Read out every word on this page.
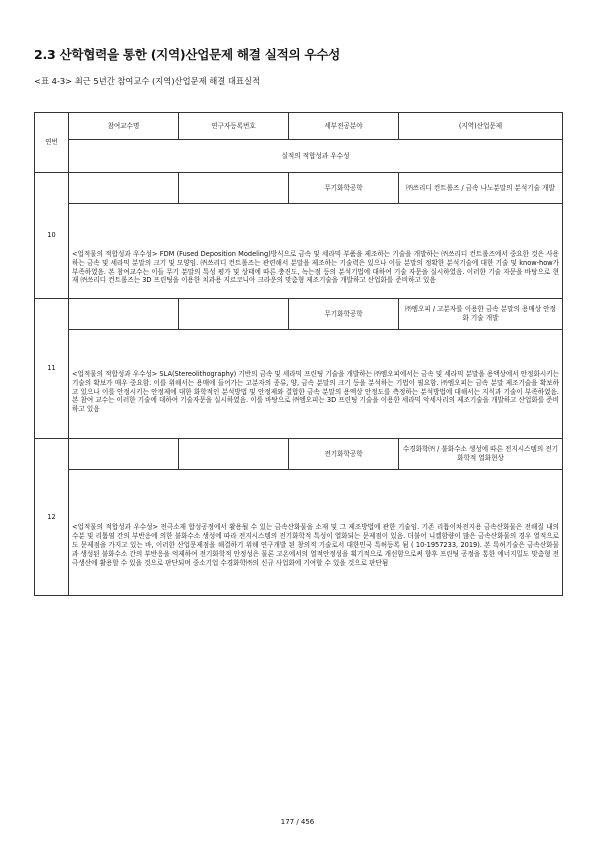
2.3 산학협력을 통한 (지역)산업문제 해결 실적의 우수성
<표 4-3> 최근 5년간 참여교수 (지역)산업문제 해결 대표실적
연번	참여교수명	연구자등록번호	세부전공분야	(지역)산업문제
	실적의 적합성과 우수성			
10			무기화학공학	㈜쓰리디 컨트롤즈 / 금속 나노분말의 분석기술 개발

	<업적물의 적합성과 우수성> FDM (Fused Deposition Modeling)방식으로 금속 및 세라믹 부품을 제조하는 기술을 개발하는 ㈜쓰리디 컨트롤즈에서 중요한 것은 사용하는 금속 및 세라믹 분말의 크기 및 모양임. ㈜쓰리디 컨트롤즈는 관련해서 분말을 제조하는 기술력은 있으나 이들 분말의 정확한 분석기술에 대한 기술 및 know-how가 부족하였음. 본 참여교수는 이들 무기 분말의 특성 평가 및 상태에 따른 충진도, 녹는점 등의 분석기법에 대하여 기술 자문을 실시하였음. 이러한 기술 자문을 바탕으로 현재 ㈜쓰리디 컨트롤즈는 3D 프린팅을 이용한 치과용 지르코니아 크라운의 맞춤형 제조기술을 개발하고 산업화를 준비하고 있음			

11			무기화학공학	㈜엠오피 / 고분자를 이용한 금속 분말의 용매상 안정화 기술 개발

	<업적물의 적합성과 우수성> SLA(Stereolithography) 기반의 금속 및 세라믹 프린팅 기술을 개발하는 ㈜엠오피에서는 금속 및 세라믹 분말을 용액상에서 안정화시키는 기술의 확보가 매우 중요함. 이를 위해서는 용매에 들어가는 고분자의 종류, 양, 금속 분말의 크기 등을 분석하는 기법이 필요함. ㈜엠오피는 금속 분말 제조기술을 확보하고 있으나 이를 안정시키는 안정제에 대한 화학적인 분석방법 및 안정제와 결합한 금속 분말의 용액상 안정도를 측정하는 분석방법에 대해서는 지식과 기술이 부족하였음. 본 참여 교수는 이러한 기술에 대하여 기술자문을 실시하였음. 이를 바탕으로 ㈜엠오피는 3D 프린팅 기술을 이용한 세라믹 악세사리의 제조기술을 개발하고 산업화를 준비하고 있음			

12			전기화학공학	수경화학㈜ / 불화수소 생성에 따른 전지시스템의 전기화학적 열화현상

	<업적물의 적합성과 우수성> 전극소재 합성공정에서 활용될 수 있는 금속산화물을 소재 및 그 제조방법에 관한 기술임. 기존 리튬이차전지용 금속산화물은 전해질 내의 수분 및 리튬염 간의 부반응에 의한 불화수소 생성에 따라 전지시스템의 전기화학적 특성이 열화되는 문제점이 있음. 더불어 니켈함량이 많은 금속산화물의 경우 열적으로도 문제점을 가지고 있는 바, 이러한 산업문제점을 해결하기 위해 연구개발 된 창의적 기술로서 대한민국 특허등록 됨 ( 10-1957233, 2019). 본 특허기술은 금속산화물과 생성된 불화수소 간의 부반응을 억제하여 전기화학적 안정성은 물론 고온에서의 열적안정성을 획기적으로 개선함으로써 향후 프린팅 공정을 통한 에너지밀도 맞춤형 전극생산에 활용할 수 있을 것으로 판단되며 중소기업 수경화학㈜의 신규 사업화에 기여할 수 있을 것으로 판단됨			
177 / 456
